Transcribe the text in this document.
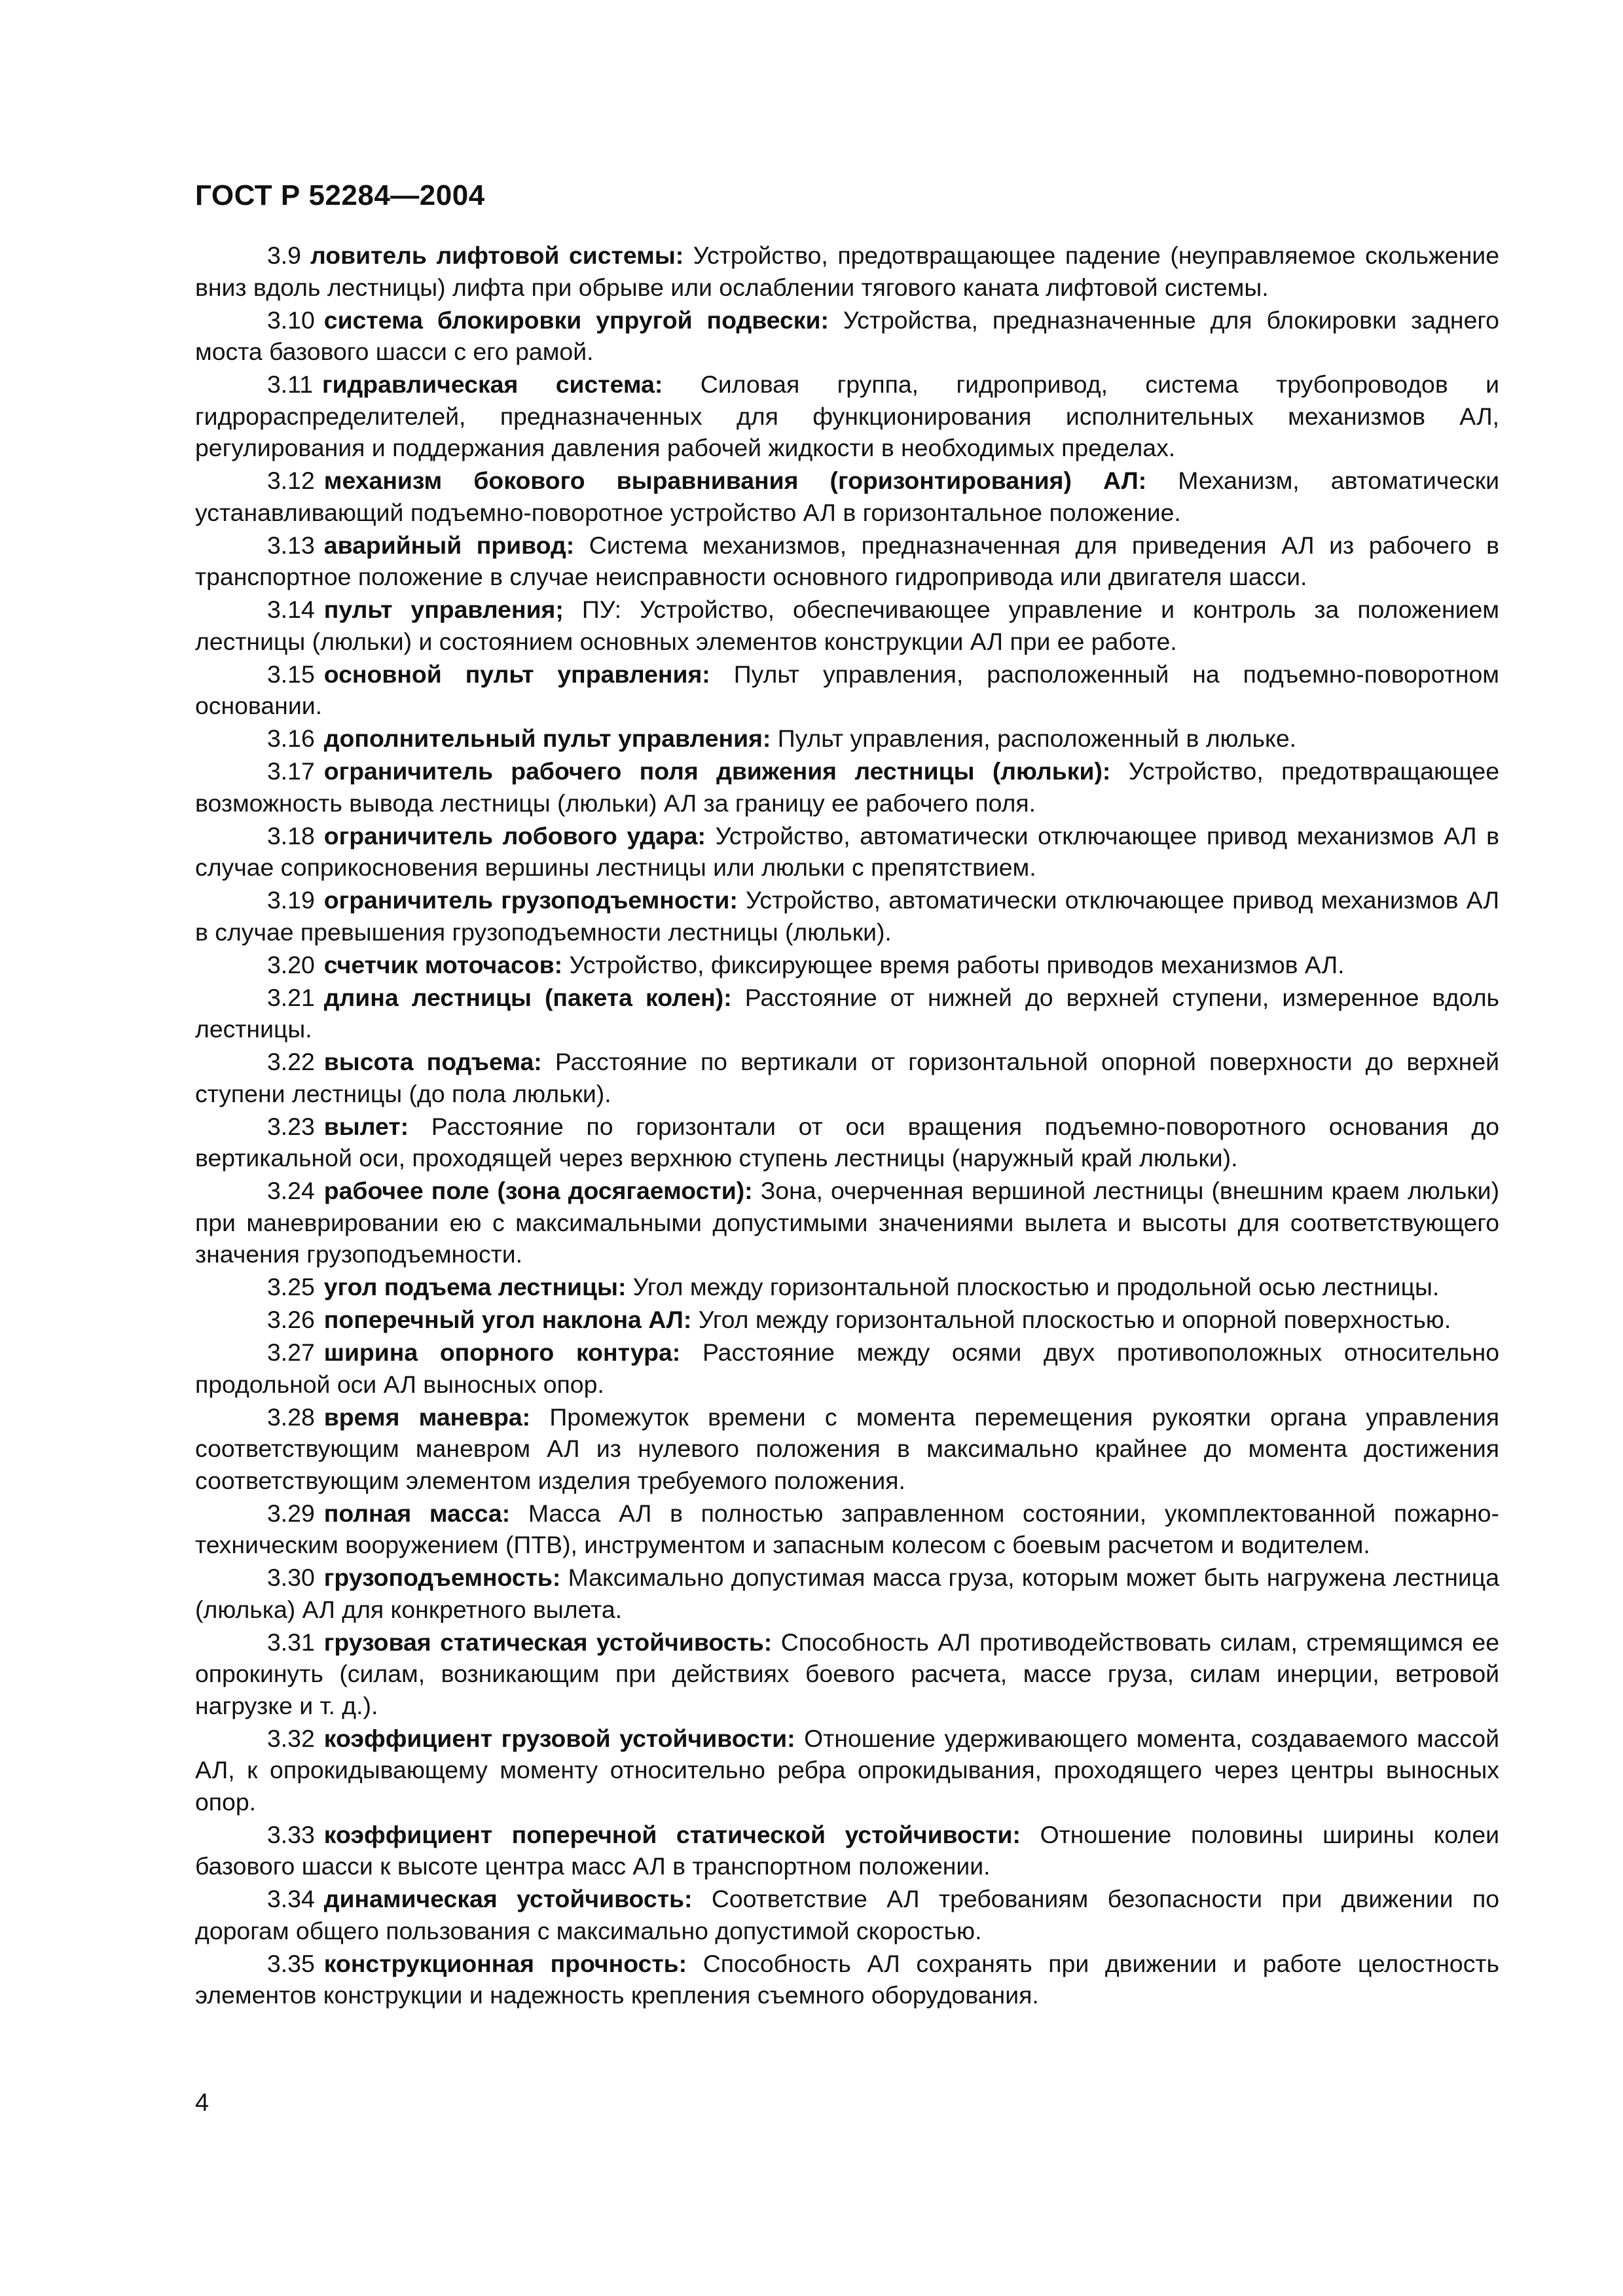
ГОСТ Р 52284—2004

3.9 ловитель лифтовой системы: Устройство, предотвращающее падение (неуправляемое скольжение вниз вдоль лестницы) лифта при обрыве или ослаблении тягового каната лифтовой системы.

3.10 система блокировки упругой подвески: Устройства, предназначенные для блокировки заднего моста базового шасси с его рамой.

3.11 гидравлическая система: Силовая группа, гидропривод, система трубопроводов и гидрораспределителей, предназначенных для функционирования исполнительных механизмов АЛ, регулирования и поддержания давления рабочей жидкости в необходимых пределах.

3.12 механизм бокового выравнивания (горизонтирования) АЛ: Механизм, автоматически устанавливающий подъемно-поворотное устройство АЛ в горизонтальное положение.

3.13 аварийный привод: Система механизмов, предназначенная для приведения АЛ из рабочего в транспортное положение в случае неисправности основного гидропривода или двигателя шасси.

3.14 пульт управления; ПУ: Устройство, обеспечивающее управление и контроль за положением лестницы (люльки) и состоянием основных элементов конструкции АЛ при ее работе.

3.15 основной пульт управления: Пульт управления, расположенный на подъемно-поворотном основании.

3.16 дополнительный пульт управления: Пульт управления, расположенный в люльке.

3.17 ограничитель рабочего поля движения лестницы (люльки): Устройство, предотвращающее возможность вывода лестницы (люльки) АЛ за границу ее рабочего поля.

3.18 ограничитель лобового удара: Устройство, автоматически отключающее привод механизмов АЛ в случае соприкосновения вершины лестницы или люльки с препятствием.

3.19 ограничитель грузоподъемности: Устройство, автоматически отключающее привод механизмов АЛ в случае превышения грузоподъемности лестницы (люльки).

3.20 счетчик моточасов: Устройство, фиксирующее время работы приводов механизмов АЛ.

3.21 длина лестницы (пакета колен): Расстояние от нижней до верхней ступени, измеренное вдоль лестницы.

3.22 высота подъема: Расстояние по вертикали от горизонтальной опорной поверхности до верхней ступени лестницы (до пола люльки).

3.23 вылет: Расстояние по горизонтали от оси вращения подъемно-поворотного основания до вертикальной оси, проходящей через верхнюю ступень лестницы (наружный край люльки).

3.24 рабочее поле (зона досягаемости): Зона, очерченная вершиной лестницы (внешним краем люльки) при маневрировании ею с максимальными допустимыми значениями вылета и высоты для соответствующего значения грузоподъемности.

3.25 угол подъема лестницы: Угол между горизонтальной плоскостью и продольной осью лестницы.

3.26 поперечный угол наклона АЛ: Угол между горизонтальной плоскостью и опорной поверхностью.

3.27 ширина опорного контура: Расстояние между осями двух противоположных относительно продольной оси АЛ выносных опор.

3.28 время маневра: Промежуток времени с момента перемещения рукоятки органа управления соответствующим маневром АЛ из нулевого положения в максимально крайнее до момента достижения соответствующим элементом изделия требуемого положения.

3.29 полная масса: Масса АЛ в полностью заправленном состоянии, укомплектованной пожарно-техническим вооружением (ПТВ), инструментом и запасным колесом с боевым расчетом и водителем.

3.30 грузоподъемность: Максимально допустимая масса груза, которым может быть нагружена лестница (люлька) АЛ для конкретного вылета.

3.31 грузовая статическая устойчивость: Способность АЛ противодействовать силам, стремящимся ее опрокинуть (силам, возникающим при действиях боевого расчета, массе груза, силам инерции, ветровой нагрузке и т. д.).

3.32 коэффициент грузовой устойчивости: Отношение удерживающего момента, создаваемого массой АЛ, к опрокидывающему моменту относительно ребра опрокидывания, проходящего через центры выносных опор.

3.33 коэффициент поперечной статической устойчивости: Отношение половины ширины колеи базового шасси к высоте центра масс АЛ в транспортном положении.

3.34 динамическая устойчивость: Соответствие АЛ требованиям безопасности при движении по дорогам общего пользования с максимально допустимой скоростью.

3.35 конструкционная прочность: Способность АЛ сохранять при движении и работе целостность элементов конструкции и надежность крепления съемного оборудования.

4
